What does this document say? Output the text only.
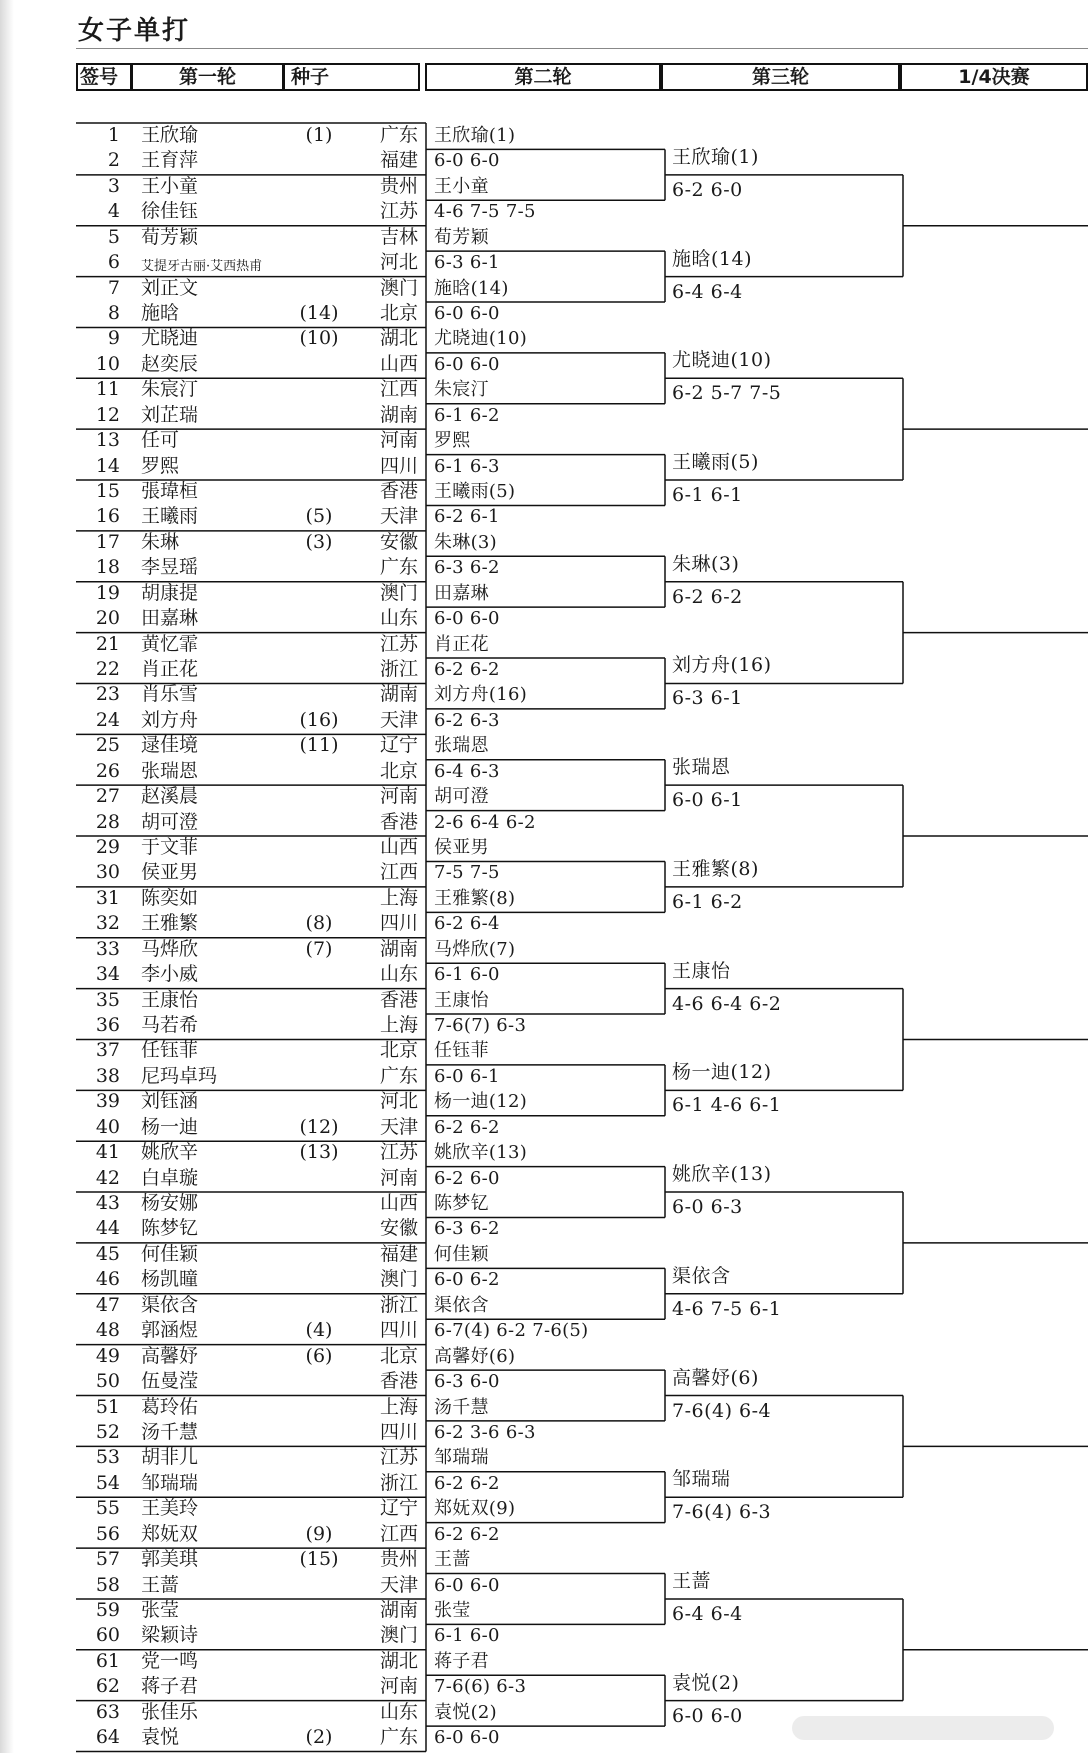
女子单打
签号	第一轮	种子	第二轮	第三轮	1/4决赛
1 王欣瑜	(1)	广东
2 王育萍	福建
3 王小童	贵州
4 徐佳钰	江苏
5 荀芳颖	吉林
6 艾提牙古丽·艾西热甫	河北
7 刘正文	澳门
8 施晗	(14)	北京
9 尤晓迪	(10)	湖北
10 赵奕辰	山西
11 朱宸汀	江西
12 刘芷瑞	湖南
13 任可	河南
14 罗熙	四川
15 張瑋桓	香港
16 王曦雨	(5)	天津
17 朱琳	(3)	安徽
18 李昱瑶	广东
19 胡康提	澳门
20 田嘉琳	山东
21 黄忆霏	江苏
22 肖正花	浙江
23 肖乐雪	湖南
24 刘方舟	(16)	天津
25 逯佳境	(11)	辽宁
26 张瑞恩	北京
27 赵溪晨	河南
28 胡可澄	香港
29 于文菲	山西
30 侯亚男	江西
31 陈奕如	上海
32 王雅繁	(8)	四川
33 马烨欣	(7)	湖南
34 李小威	山东
35 王康怡	香港
36 马若希	上海
37 任钰菲	北京
38 尼玛卓玛	广东
39 刘钰涵	河北
40 杨一迪	(12)	天津
41 姚欣辛	(13)	江苏
42 白卓璇	河南
43 杨安娜	山西
44 陈梦钇	安徽
45 何佳颖	福建
46 杨凯曈	澳门
47 渠依含	浙江
48 郭涵煜	(4)	四川
49 高馨妤	(6)	北京
50 伍曼滢	香港
51 葛玲佑	上海
52 汤千慧	四川
53 胡非儿	江苏
54 邹瑞瑞	浙江
55 王美玲	辽宁
56 郑妩双	(9)	江西
57 郭美琪	(15)	贵州
58 王蔷	天津
59 张莹	湖南
60 梁颖诗	澳门
61 党一鸣	湖北
62 蒋子君	河南
63 张佳乐	山东
64 袁悦	(2)	广东
王欣瑜(1)
6-0 6-0
王小童
4-6 7-5 7-5
荀芳颖
6-3 6-1
施晗(14)
6-0 6-0
尤晓迪(10)
6-0 6-0
朱宸汀
6-1 6-2
罗熙
6-1 6-3
王曦雨(5)
6-2 6-1
朱琳(3)
6-3 6-2
田嘉琳
6-0 6-0
肖正花
6-2 6-2
刘方舟(16)
6-2 6-3
张瑞恩
6-4 6-3
胡可澄
2-6 6-4 6-2
侯亚男
7-5 7-5
王雅繁(8)
6-2 6-4
马烨欣(7)
6-1 6-0
王康怡
7-6(7) 6-3
任钰菲
6-0 6-1
杨一迪(12)
6-2 6-2
姚欣辛(13)
6-2 6-0
陈梦钇
6-3 6-2
何佳颖
6-0 6-2
渠依含
6-7(4) 6-2 7-6(5)
高馨妤(6)
6-3 6-0
汤千慧
6-2 3-6 6-3
邹瑞瑞
6-2 6-2
郑妩双(9)
6-2 6-2
王蔷
6-0 6-0
张莹
6-1 6-0
蒋子君
7-6(6) 6-3
袁悦(2)
6-0 6-0
王欣瑜(1)
6-2 6-0
施晗(14)
6-4 6-4
尤晓迪(10)
6-2 5-7 7-5
王曦雨(5)
6-1 6-1
朱琳(3)
6-2 6-2
刘方舟(16)
6-3 6-1
张瑞恩
6-0 6-1
王雅繁(8)
6-1 6-2
王康怡
4-6 6-4 6-2
杨一迪(12)
6-1 4-6 6-1
姚欣辛(13)
6-0 6-3
渠依含
4-6 7-5 6-1
高馨妤(6)
7-6(4) 6-4
邹瑞瑞
7-6(4) 6-3
王蔷
6-4 6-4
袁悦(2)
6-0 6-0
